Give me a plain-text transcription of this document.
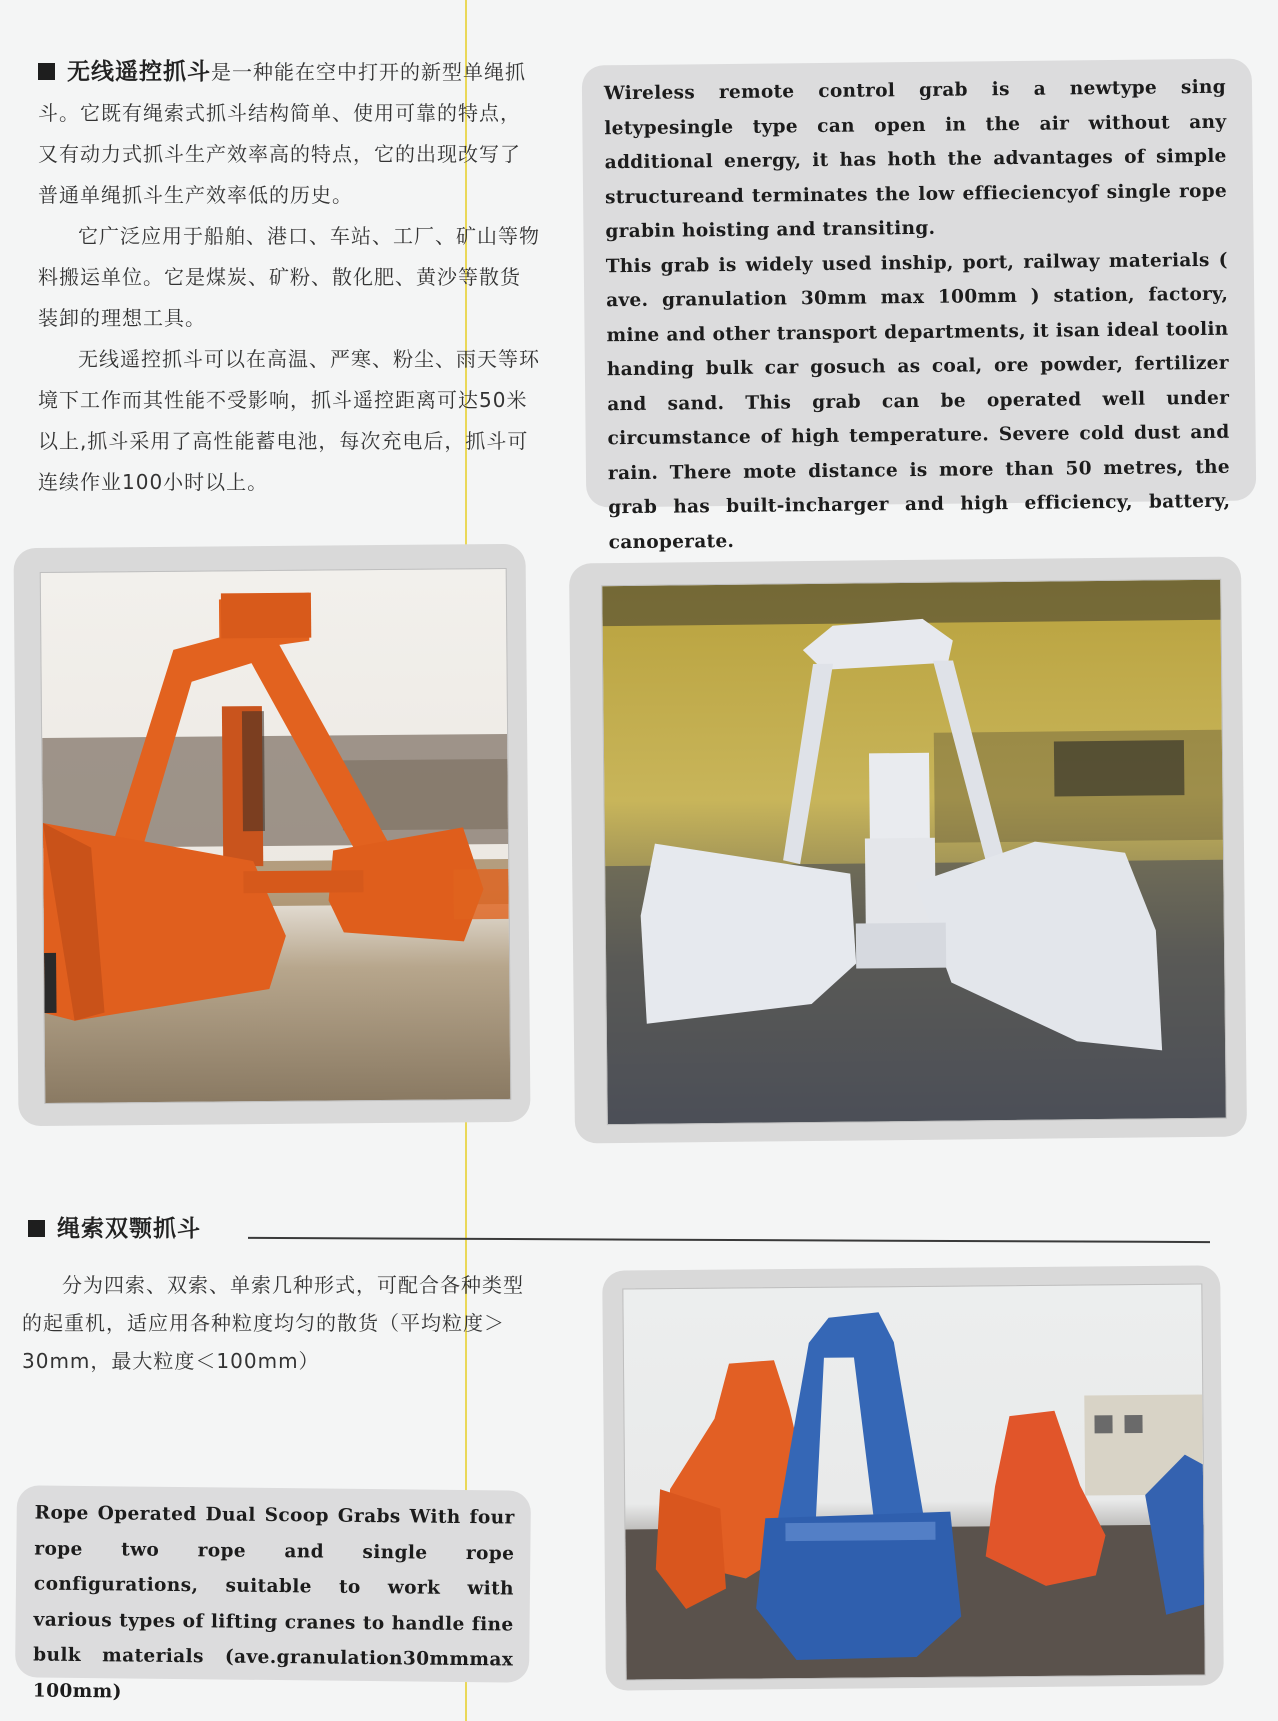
无线遥控抓斗是一种能在空中打开的新型单绳抓斗。它既有绳索式抓斗结构简单、使用可靠的特点，又有动力式抓斗生产效率高的特点，它的出现改写了普通单绳抓斗生产效率低的历史。

它广泛应用于船舶、港口、车站、工厂、矿山等物料搬运单位。它是煤炭、矿粉、散化肥、黄沙等散货装卸的理想工具。

无线遥控抓斗可以在高温、严寒、粉尘、雨天等环境下工作而其性能不受影响，抓斗遥控距离可达50米以上,抓斗采用了高性能蓄电池，每次充电后，抓斗可连续作业100小时以上。

Wireless remote control grab is a newtype sing letypesingle type can open in the air without any additional energy, it has hoth the advantages of simple structureand terminates the low effieciencyof single rope grabin hoisting and transiting.
This grab is widely used inship, port, railway materials ( ave. granulation 30mm max 100mm ) station, factory, mine and other transport departments, it isan ideal toolin handing bulk car gosuch as coal, ore powder, fertilizer and sand. This grab can be operated well under circumstance of high temperature. Severe cold dust and rain. There mote distance is more than 50 metres, the grab has built-incharger and high efficiency, battery, canoperate.
绳索双颚抓斗

分为四索、双索、单索几种形式，可配合各种类型的起重机，适应用各种粒度均匀的散货（平均粒度＞30mm，最大粒度＜100mm）

Rope Operated Dual Scoop Grabs With four rope two rope and single rope configurations, suitable to work with various types of lifting cranes to handle fine bulk materials (ave.granulation30mmmax 100mm)
